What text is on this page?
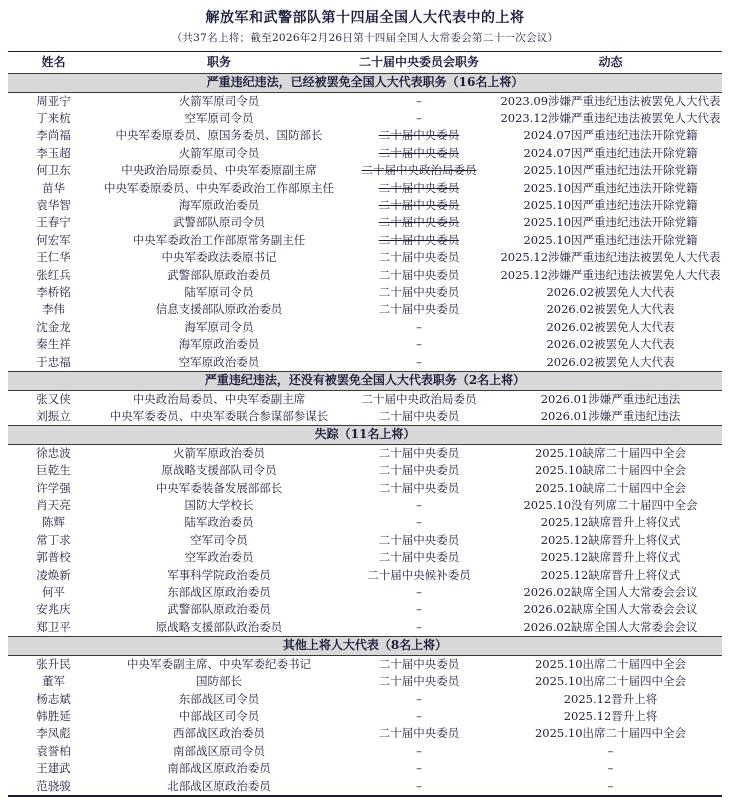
解放军和武警部队第十四届全国人大代表中的上将
（共37名上将；截至2026年2月26日第十四届全国人大常委会第二十一次会议）
姓名	职务	二十届中央委员会职务	动态
严重违纪违法，已经被罢免全国人大代表职务（16名上将）			
周亚宁	火箭军原司令员	–	2023.09涉嫌严重违纪违法被罢免人大代表
丁来杭	空军原司令员	–	2023.12涉嫌严重违纪违法被罢免人大代表
李尚福	中央军委原委员、原国务委员、国防部长	二十届中央委员	2024.07因严重违纪违法开除党籍
李玉超	火箭军原司令员	二十届中央委员	2024.07因严重违纪违法开除党籍
何卫东	中央政治局原委员、中央军委原副主席	二十届中央政治局委员	2025.10因严重违纪违法开除党籍
苗华	中央军委原委员、中央军委政治工作部原主任	二十届中央委员	2025.10因严重违纪违法开除党籍
袁华智	海军原政治委员	二十届中央委员	2025.10因严重违纪违法开除党籍
王春宁	武警部队原司令员	二十届中央委员	2025.10因严重违纪违法开除党籍
何宏军	中央军委政治工作部原常务副主任	二十届中央委员	2025.10因严重违纪违法开除党籍
王仁华	中央军委政法委原书记	二十届中央委员	2025.12涉嫌严重违纪违法被罢免人大代表
张红兵	武警部队原政治委员	二十届中央委员	2025.12涉嫌严重违纪违法被罢免人大代表
李桥铭	陆军原司令员	二十届中央委员	2026.02被罢免人大代表
李伟	信息支援部队原政治委员	二十届中央委员	2026.02被罢免人大代表
沈金龙	海军原司令员	–	2026.02被罢免人大代表
秦生祥	海军原政治委员	–	2026.02被罢免人大代表
于忠福	空军原政治委员	–	2026.02被罢免人大代表
严重违纪违法，还没有被罢免全国人大代表职务（2名上将）			
张又侠	中央政治局委员、中央军委副主席	二十届中央政治局委员	2026.01涉嫌严重违纪违法
刘振立	中央军委委员、中央军委联合参谋部参谋长	二十届中央委员	2026.01涉嫌严重违纪违法
失踪（11名上将）			
徐忠波	火箭军原政治委员	二十届中央委员	2025.10缺席二十届四中全会
巨乾生	原战略支援部队司令员	二十届中央委员	2025.10缺席二十届四中全会
许学强	中央军委装备发展部部长	二十届中央委员	2025.10缺席二十届四中全会
肖天亮	国防大学校长	–	2025.10没有列席二十届四中全会
陈辉	陆军政治委员	–	2025.12缺席晋升上将仪式
常丁求	空军司令员	二十届中央委员	2025.12缺席晋升上将仪式
郭普校	空军政治委员	二十届中央委员	2025.12缺席晋升上将仪式
凌焕新	军事科学院政治委员	二十届中央候补委员	2025.12缺席晋升上将仪式
何平	东部战区原政治委员	–	2026.02缺席全国人大常委会会议
安兆庆	武警部队原政治委员	–	2026.02缺席全国人大常委会会议
郑卫平	原战略支援部队政治委员	–	2026.02缺席全国人大常委会会议
其他上将人大代表（8名上将）			
张升民	中央军委副主席、中央军委纪委书记	二十届中央委员	2025.10出席二十届四中全会
董军	国防部长	二十届中央委员	2025.10出席二十届四中全会
杨志斌	东部战区司令员	–	2025.12晋升上将
韩胜延	中部战区司令员	–	2025.12晋升上将
李凤彪	西部战区政治委员	二十届中央委员	2025.10出席二十届四中全会
袁誉柏	南部战区原司令员	–	–
王建武	南部战区原政治委员	–	–
范骁骏	北部战区原政治委员	–	–
